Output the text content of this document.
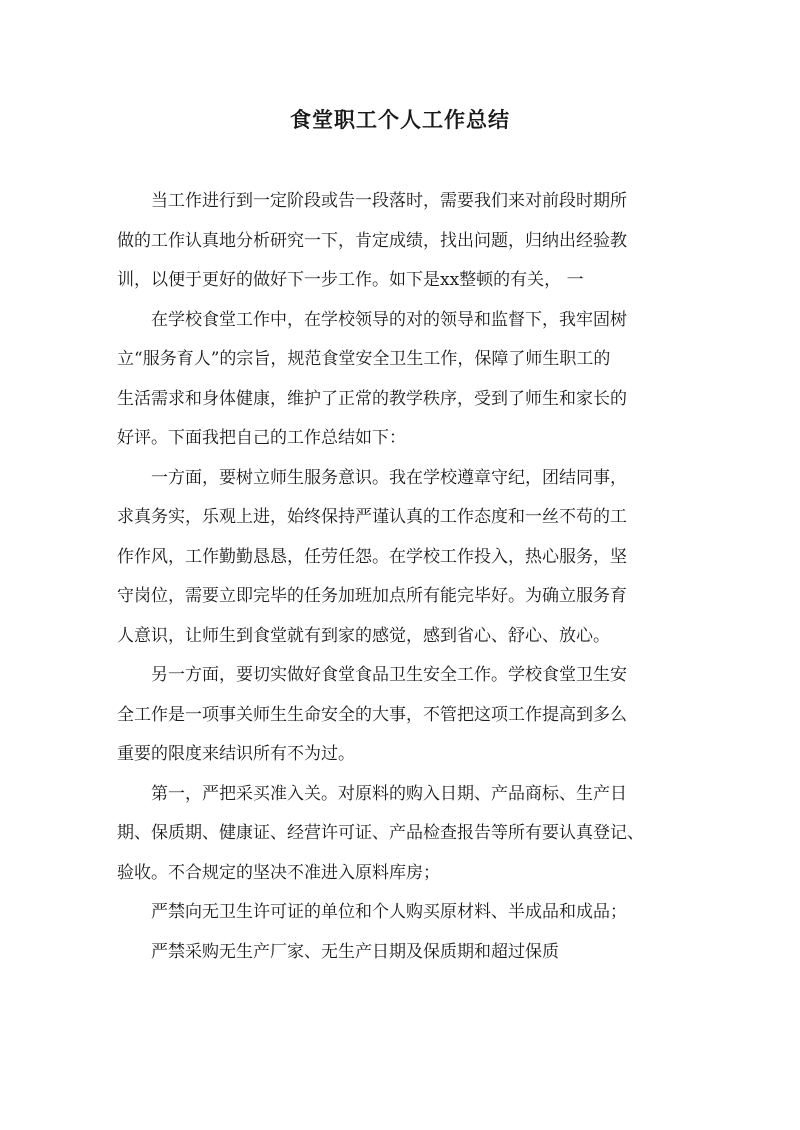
食堂职工个人工作总结

当工作进行到一定阶段或告一段落时，需要我们来对前段时期所
做的工作认真地分析研究一下，肯定成绩，找出问题，归纳出经验教
训，以便于更好的做好下一步工作。如下是xx整顿的有关， 一

在学校食堂工作中，在学校领导的对的领导和监督下，我牢固树
立“服务育人”的宗旨，规范食堂安全卫生工作，保障了师生职工的
生活需求和身体健康，维护了正常的教学秩序，受到了师生和家长的
好评。下面我把自己的工作总结如下：

一方面，要树立师生服务意识。我在学校遵章守纪，团结同事，
求真务实，乐观上进，始终保持严谨认真的工作态度和一丝不苟的工
作作风，工作勤勤恳恳，任劳任怨。在学校工作投入，热心服务，坚
守岗位，需要立即完毕的任务加班加点所有能完毕好。为确立服务育
人意识，让师生到食堂就有到家的感觉，感到省心、舒心、放心。

另一方面，要切实做好食堂食品卫生安全工作。学校食堂卫生安
全工作是一项事关师生生命安全的大事，不管把这项工作提高到多么
重要的限度来结识所有不为过。

第一，严把采买准入关。对原料的购入日期、产品商标、生产日
期、保质期、健康证、经营许可证、产品检查报告等所有要认真登记、
验收。不合规定的坚决不准进入原料库房；

严禁向无卫生许可证的单位和个人购买原材料、半成品和成品；

严禁采购无生产厂家、无生产日期及保质期和超过保质
